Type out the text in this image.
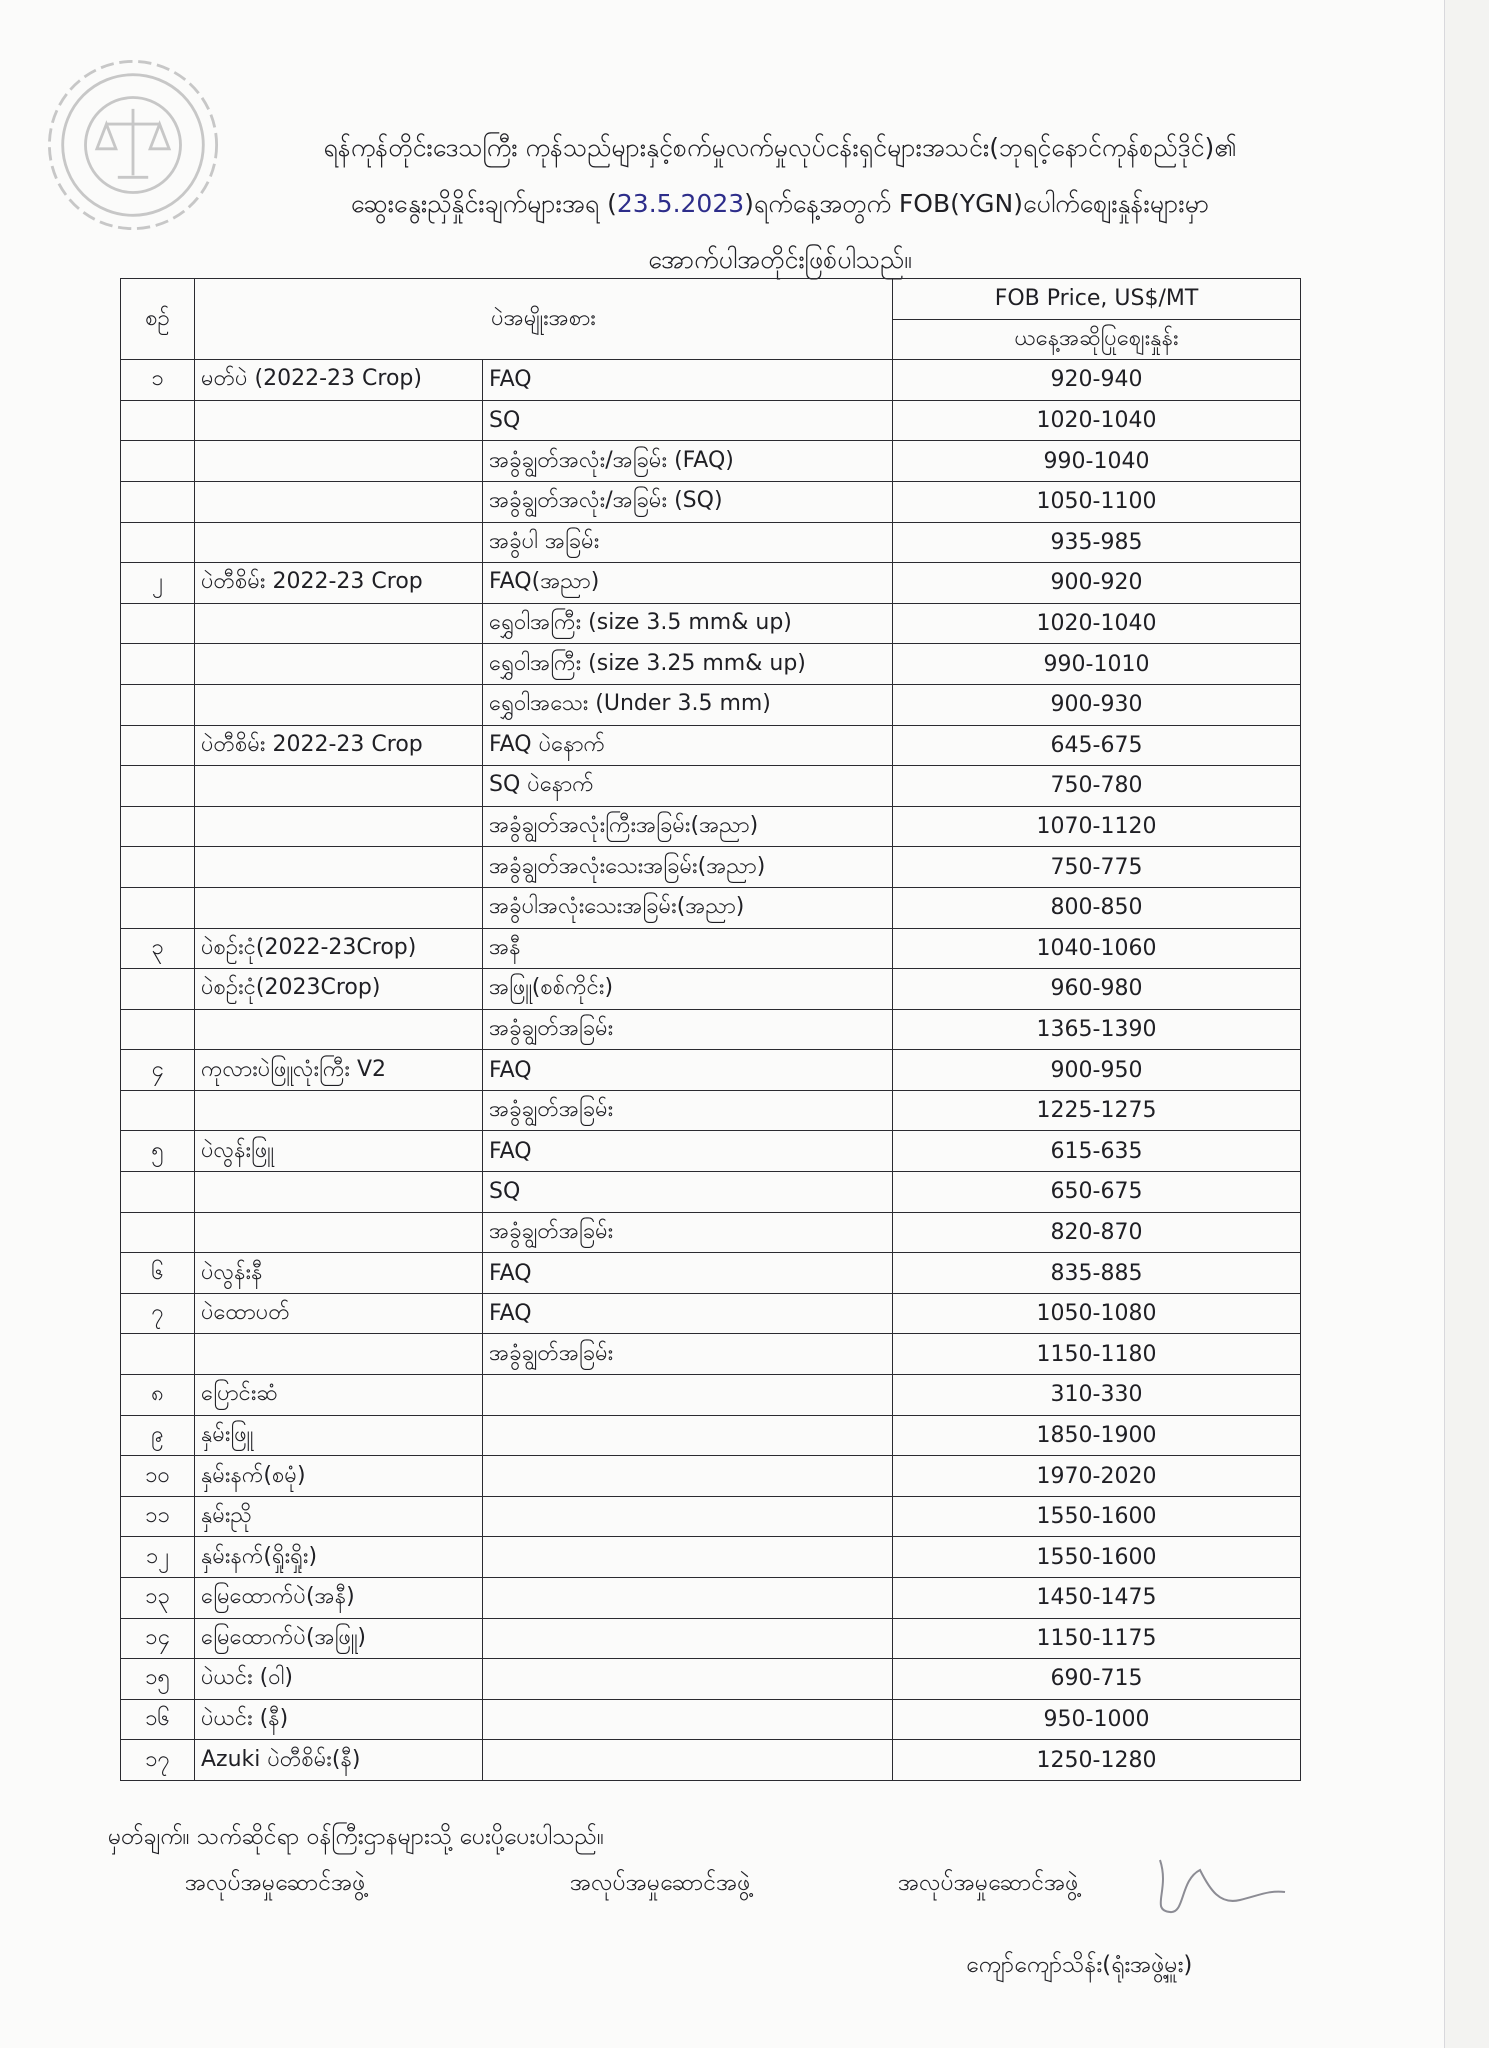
ရန်ကုန်တိုင်းဒေသကြီး ကုန်သည်များနှင့်စက်မှုလက်မှုလုပ်ငန်းရှင်များအသင်း(ဘုရင့်နောင်ကုန်စည်ဒိုင်)၏
ဆွေးနွေးညှိနှိုင်းချက်များအရ (23.5.2023)ရက်နေ့အတွက် FOB(YGN)ပေါက်စျေးနှုန်းများမှာ
အောက်ပါအတိုင်းဖြစ်ပါသည်။
စဉ်	ပဲအမျိုးအစား		FOB Price, US$/MT
			ယနေ့အဆိုပြုစျေးနှုန်း
၁	မတ်ပဲ (2022-23 Crop)	FAQ	920-940
		SQ	1020-1040
		အခွံချွတ်အလုံး/အခြမ်း (FAQ)	990-1040
		အခွံချွတ်အလုံး/အခြမ်း (SQ)	1050-1100
		အခွံပါ အခြမ်း	935-985
၂	ပဲတီစိမ်း 2022-23 Crop	FAQ(အညာ)	900-920
		ရွှေဝါအကြီး (size 3.5 mm& up)	1020-1040
		ရွှေဝါအကြီး (size 3.25 mm& up)	990-1010
		ရွှေဝါအသေး (Under 3.5 mm)	900-930
	ပဲတီစိမ်း 2022-23 Crop	FAQ ပဲနောက်	645-675
		SQ ပဲနောက်	750-780
		အခွံချွတ်အလုံးကြီးအခြမ်း(အညာ)	1070-1120
		အခွံချွတ်အလုံးသေးအခြမ်း(အညာ)	750-775
		အခွံပါအလုံးသေးအခြမ်း(အညာ)	800-850
၃	ပဲစဉ်းငုံ(2022-23Crop)	အနီ	1040-1060
	ပဲစဉ်းငုံ(2023Crop)	အဖြူ(စစ်ကိုင်း)	960-980
		အခွံချွတ်အခြမ်း	1365-1390
၄	ကုလားပဲဖြူလုံးကြီး V2	FAQ	900-950
		အခွံချွတ်အခြမ်း	1225-1275
၅	ပဲလွန်းဖြူ	FAQ	615-635
		SQ	650-675
		အခွံချွတ်အခြမ်း	820-870
၆	ပဲလွန်းနီ	FAQ	835-885
၇	ပဲထောပတ်	FAQ	1050-1080
		အခွံချွတ်အခြမ်း	1150-1180
၈	ပြောင်းဆံ		310-330
၉	နှမ်းဖြူ		1850-1900
၁၀	နှမ်းနက်(စမုံ)		1970-2020
၁၁	နှမ်းညို		1550-1600
၁၂	နှမ်းနက်(ရှိုးရှိုး)		1550-1600
၁၃	မြေထောက်ပဲ(အနီ)		1450-1475
၁၄	မြေထောက်ပဲ(အဖြူ)		1150-1175
၁၅	ပဲယင်း (ဝါ)		690-715
၁၆	ပဲယင်း (နီ)		950-1000
၁၇	Azuki ပဲတီစိမ်း(နီ)		1250-1280
မှတ်ချက်။ သက်ဆိုင်ရာ ဝန်ကြီးဌာနများသို့ ပေးပို့ပေးပါသည်။
အလုပ်အမှုဆောင်အဖွဲ့	အလုပ်အမှုဆောင်အဖွဲ့	အလုပ်အမှုဆောင်အဖွဲ့
ကျော်ကျော်သိန်း(ရုံးအဖွဲ့မှူး)
